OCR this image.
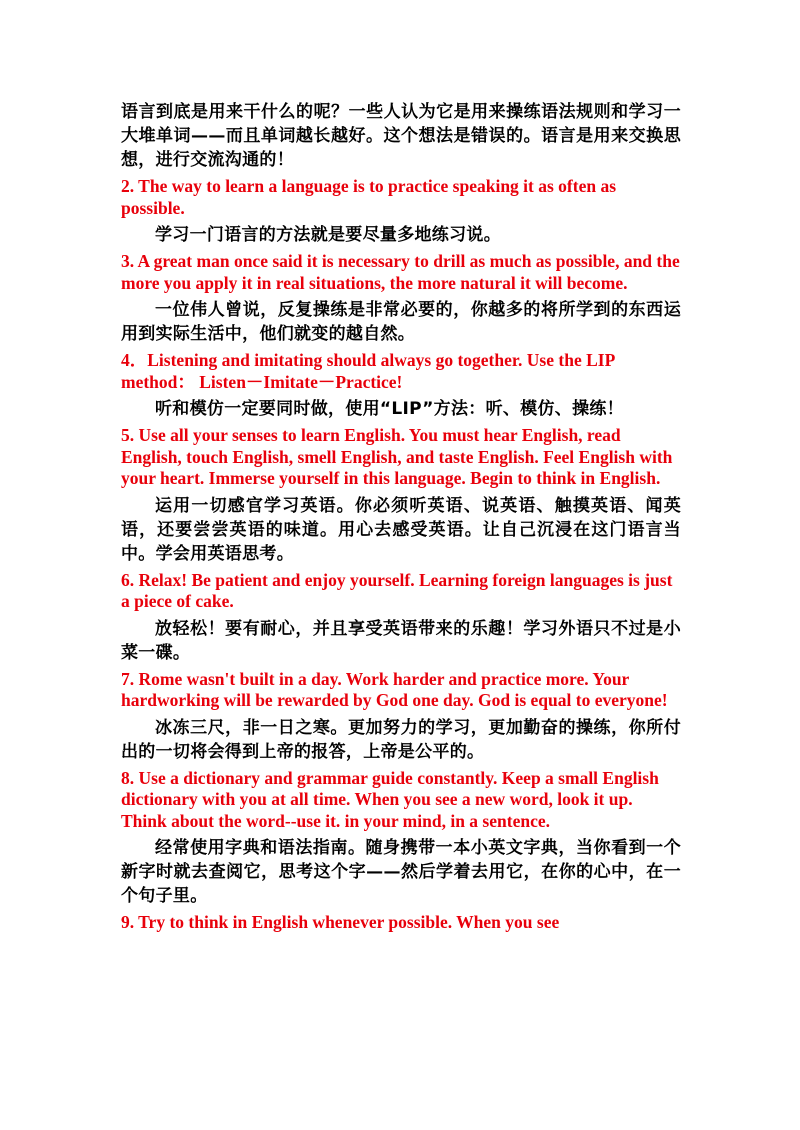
语言到底是用来干什么的呢？一些人认为它是用来操练语法规则和学习一大堆单词——而且单词越长越好。这个想法是错误的。语言是用来交换思想，进行交流沟通的！

2. The way to learn a language is to practice speaking it as often as possible.

学习一门语言的方法就是要尽量多地练习说。

3. A great man once said it is necessary to drill as much as possible, and the more you apply it in real situations, the more natural it will become.

一位伟人曾说，反复操练是非常必要的，你越多的将所学到的东西运用到实际生活中，他们就变的越自然。

4．Listening and imitating should always go together. Use the LIP method： Listen－Imitate－Practice!

听和模仿一定要同时做，使用“LIP”方法：听、模仿、操练！

5. Use all your senses to learn English. You must hear English, read English, touch English, smell English, and taste English. Feel English with your heart. Immerse yourself in this language. Begin to think in English.

运用一切感官学习英语。你必须听英语、说英语、触摸英语、闻英语，还要尝尝英语的味道。用心去感受英语。让自己沉浸在这门语言当中。学会用英语思考。

6. Relax! Be patient and enjoy yourself. Learning foreign languages is just a piece of cake.

放轻松！要有耐心，并且享受英语带来的乐趣！学习外语只不过是小菜一碟。

7. Rome wasn't built in a day. Work harder and practice more. Your hardworking will be rewarded by God one day. God is equal to everyone!

冰冻三尺，非一日之寒。更加努力的学习，更加勤奋的操练，你所付出的一切将会得到上帝的报答，上帝是公平的。

8. Use a dictionary and grammar guide constantly. Keep a small English dictionary with you at all time. When you see a new word, look it up. Think about the word--use it. in your mind, in a sentence.

经常使用字典和语法指南。随身携带一本小英文字典，当你看到一个新字时就去查阅它，思考这个字——然后学着去用它，在你的心中，在一个句子里。

9. Try to think in English whenever possible. When you see
